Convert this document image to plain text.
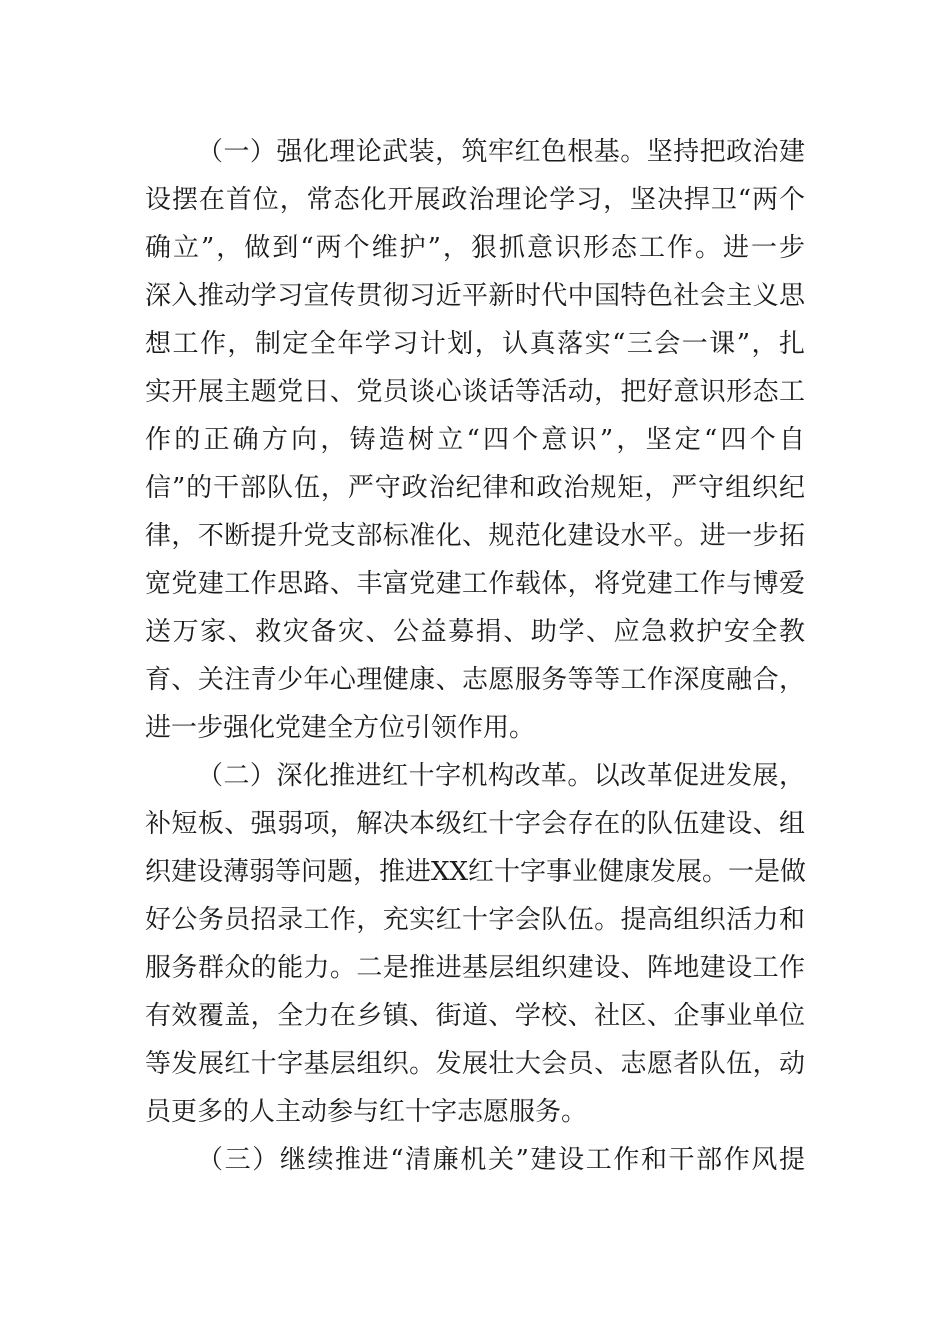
（一）强化理论武装，筑牢红色根基。坚持把政治建
设摆在首位，常态化开展政治理论学习，坚决捍卫“两个
确立”，做到“两个维护”，狠抓意识形态工作。进一步
深入推动学习宣传贯彻习近平新时代中国特色社会主义思
想工作，制定全年学习计划，认真落实“三会一课”，扎
实开展主题党日、党员谈心谈话等活动，把好意识形态工
作的正确方向，铸造树立“四个意识”，坚定“四个自
信”的干部队伍，严守政治纪律和政治规矩，严守组织纪
律，不断提升党支部标准化、规范化建设水平。进一步拓
宽党建工作思路、丰富党建工作载体，将党建工作与博爱
送万家、救灾备灾、公益募捐、助学、应急救护安全教
育、关注青少年心理健康、志愿服务等等工作深度融合，
进一步强化党建全方位引领作用。
（二）深化推进红十字机构改革。以改革促进发展，
补短板、强弱项，解决本级红十字会存在的队伍建设、组
织建设薄弱等问题，推进XX红十字事业健康发展。一是做
好公务员招录工作，充实红十字会队伍。提高组织活力和
服务群众的能力。二是推进基层组织建设、阵地建设工作
有效覆盖，全力在乡镇、街道、学校、社区、企事业单位
等发展红十字基层组织。发展壮大会员、志愿者队伍，动
员更多的人主动参与红十字志愿服务。
（三）继续推进“清廉机关”建设工作和干部作风提
